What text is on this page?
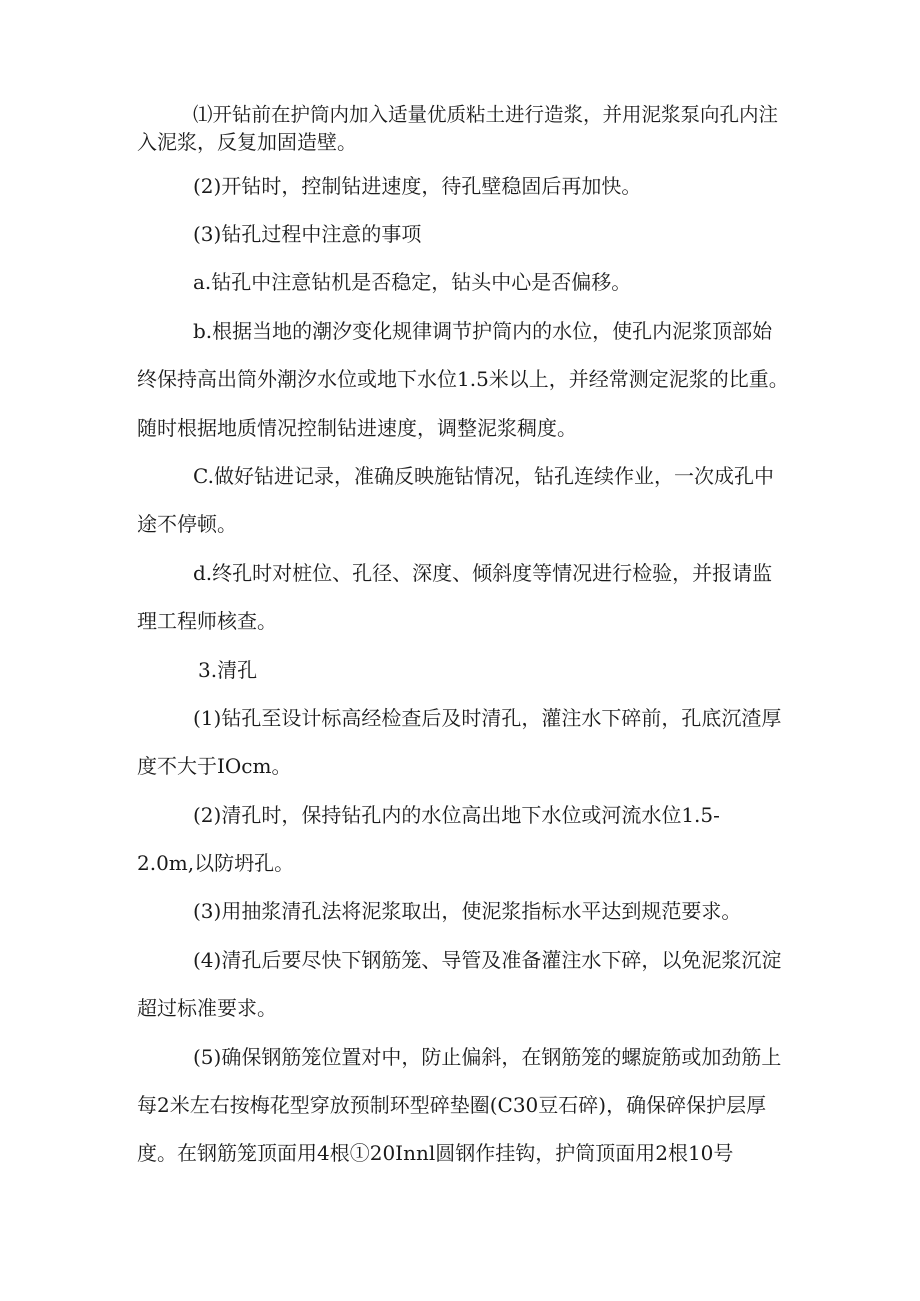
⑴开钻前在护筒内加入适量优质粘土进行造浆，并用泥浆泵向孔内注
入泥浆，反复加固造壁。
(2)开钻时，控制钻进速度，待孔壁稳固后再加快。
(3)钻孔过程中注意的事项
a.钻孔中注意钻机是否稳定，钻头中心是否偏移。
b.根据当地的潮汐变化规律调节护筒内的水位，使孔内泥浆顶部始
终保持高出筒外潮汐水位或地下水位1.5米以上，并经常测定泥浆的比重。
随时根据地质情况控制钻进速度，调整泥浆稠度。
C.做好钻进记录，准确反映施钻情况，钻孔连续作业，一次成孔中
途不停顿。
d.终孔时对桩位、孔径、深度、倾斜度等情况进行检验，并报请监
理工程师核查。
3.清孔
(1)钻孔至设计标高经检查后及时清孔，灌注水下碎前，孔底沉渣厚
度不大于IOcm。
(2)清孔时，保持钻孔内的水位高出地下水位或河流水位1.5-
2.0m,以防坍孔。
(3)用抽浆清孔法将泥浆取出，使泥浆指标水平达到规范要求。
(4)清孔后要尽快下钢筋笼、导管及准备灌注水下碎，以免泥浆沉淀
超过标准要求。
(5)确保钢筋笼位置对中，防止偏斜，在钢筋笼的螺旋筋或加劲筋上
每2米左右按梅花型穿放预制环型碎垫圈(C30豆石碎)，确保碎保护层厚
度。在钢筋笼顶面用4根①20Innl圆钢作挂钩，护筒顶面用2根10号
